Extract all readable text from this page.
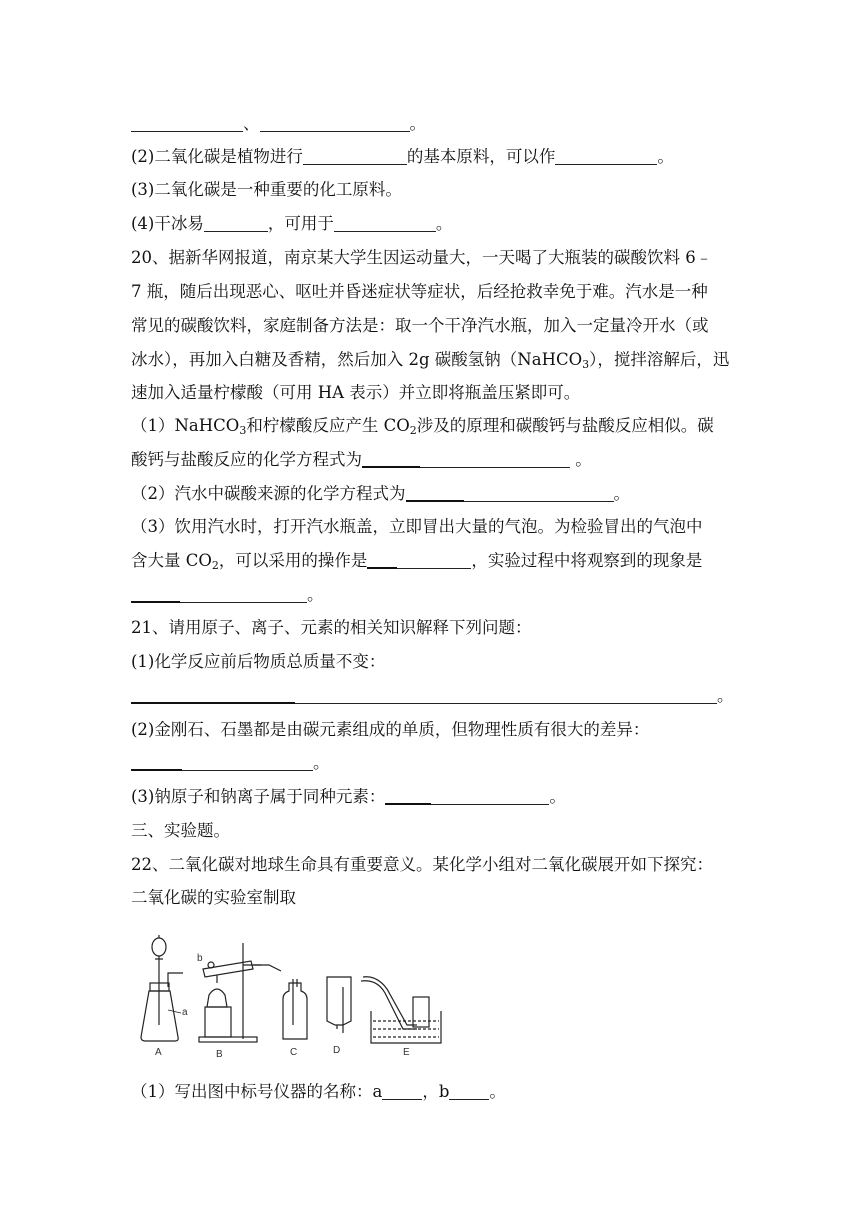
、	。
(2)二氧化碳是植物进行	的基本原料，可以作	。
(3)二氧化碳是一种重要的化工原料。
(4)干冰易	，可用于	。
20、据新华网报道，南京某大学生因运动量大，一天喝了大瓶装的碳酸饮料 6﹣
7 瓶，随后出现恶心、呕吐并昏迷症状等症状，后经抢救幸免于难。汽水是一种
常见的碳酸饮料，家庭制备方法是：取一个干净汽水瓶，加入一定量冷开水（或
冰水），再加入白糖及香精，然后加入 2g 碳酸氢钠（NaHCO$_3$），搅拌溶解后，迅
速加入适量柠檬酸（可用 HA 表示）并立即将瓶盖压紧即可。
（1）NaHCO$_3$和柠檬酸反应产生 $CO_2$涉及的原理和碳酸钙与盐酸反应相似。碳
酸钙与盐酸反应的化学方程式为	。
（2）汽水中碳酸来源的化学方程式为	。
（3）饮用汽水时，打开汽水瓶盖，立即冒出大量的气泡。为检验冒出的气泡中
含大量 $CO_2$，可以采用的操作是	，实验过程中将观察到的现象是
。
21、请用原子、离子、元素的相关知识解释下列问题：
(1)化学反应前后物质总质量不变：
。
(2)金刚石、石墨都是由碳元素组成的单质，但物理性质有很大的差异：
。
(3)钠原子和钠离子属于同种元素：	。
三、实验题。
22、二氧化碳对地球生命具有重要意义。某化学小组对二氧化碳展开如下探究：
二氧化碳的实验室制取
a
A
b
B	C	D	E
（1）写出图中标号仪器的名称：a ，b 。
